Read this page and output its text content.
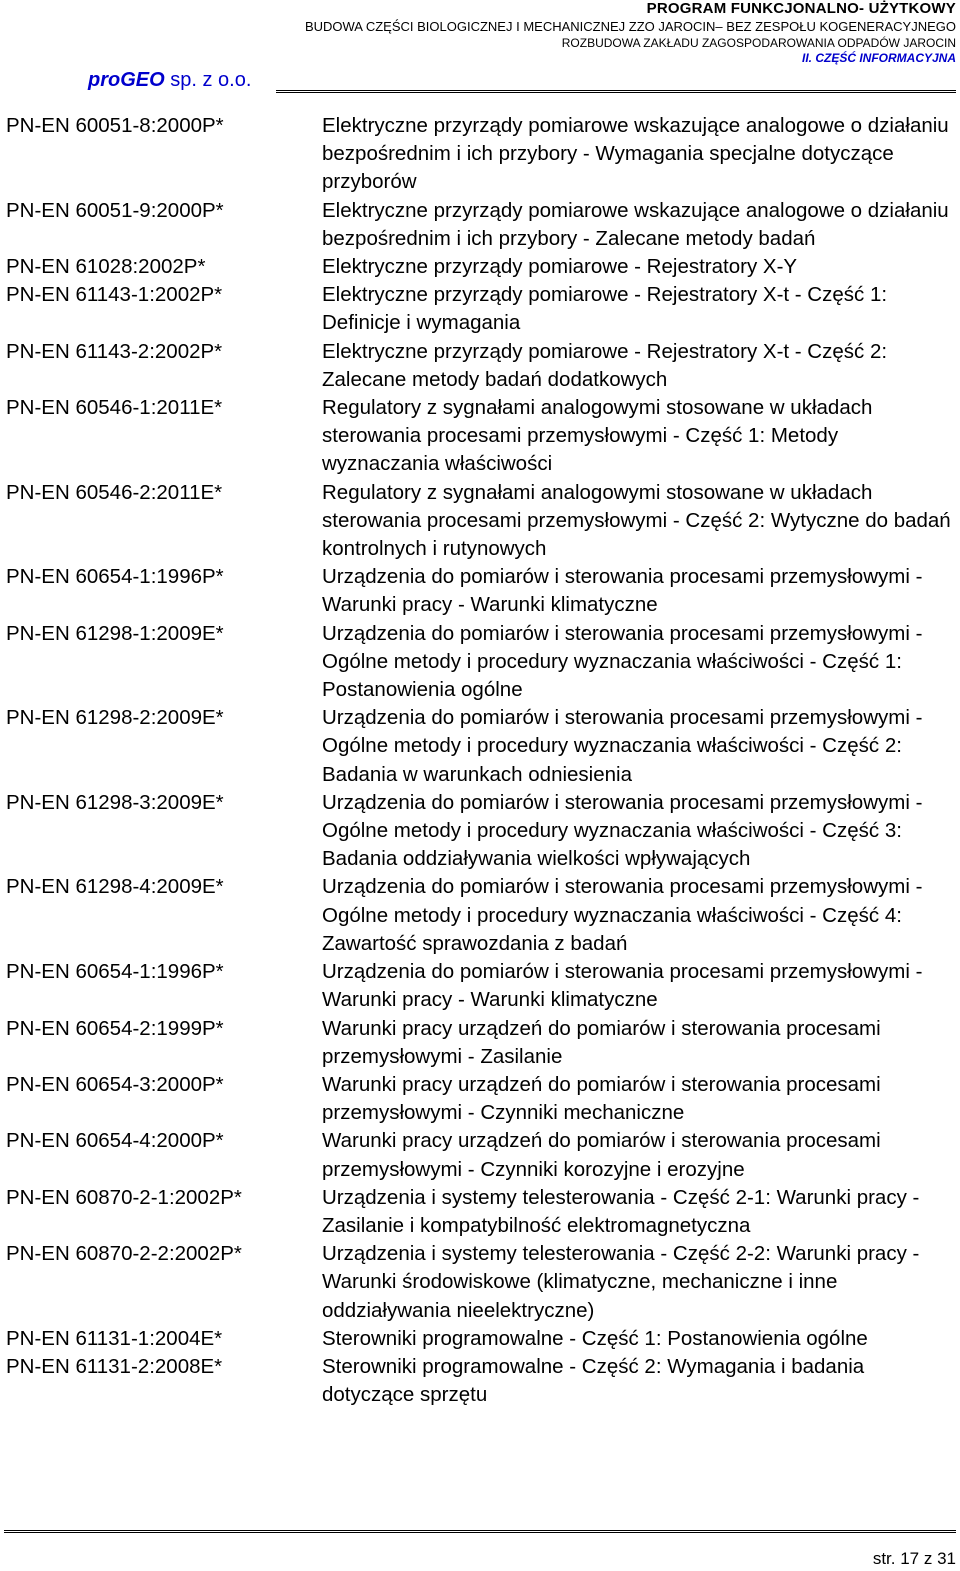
PROGRAM FUNKCJONALNO- UŻYTKOWY
BUDOWA CZĘŚCI BIOLOGICZNEJ I MECHANICZNEJ ZZO JAROCIN– BEZ ZESPOŁU KOGENERACYJNEGO
ROZBUDOWA ZAKŁADU ZAGOSPODAROWANIA ODPADÓW JAROCIN
II. CZĘŚĆ INFORMACYJNA
proGEO sp. z o.o.
PN-EN 60051-8:2000P*	Elektryczne przyrządy pomiarowe wskazujące analogowe o działaniu bezpośrednim i ich przybory - Wymagania specjalne dotyczące przyborów
PN-EN 60051-9:2000P*	Elektryczne przyrządy pomiarowe wskazujące analogowe o działaniu bezpośrednim i ich przybory - Zalecane metody badań
PN-EN 61028:2002P*	Elektryczne przyrządy pomiarowe - Rejestratory X-Y
PN-EN 61143-1:2002P*	Elektryczne przyrządy pomiarowe - Rejestratory X-t - Część 1: Definicje i wymagania
PN-EN 61143-2:2002P*	Elektryczne przyrządy pomiarowe - Rejestratory X-t - Część 2: Zalecane metody badań dodatkowych
PN-EN 60546-1:2011E*	Regulatory z sygnałami analogowymi stosowane w układach sterowania procesami przemysłowymi - Część 1: Metody wyznaczania właściwości
PN-EN 60546-2:2011E*	Regulatory z sygnałami analogowymi stosowane w układach sterowania procesami przemysłowymi - Część 2: Wytyczne do badań kontrolnych i rutynowych
PN-EN 60654-1:1996P*	Urządzenia do pomiarów i sterowania procesami przemysłowymi - Warunki pracy - Warunki klimatyczne
PN-EN 61298-1:2009E*	Urządzenia do pomiarów i sterowania procesami przemysłowymi - Ogólne metody i procedury wyznaczania właściwości - Część 1: Postanowienia ogólne
PN-EN 61298-2:2009E*	Urządzenia do pomiarów i sterowania procesami przemysłowymi - Ogólne metody i procedury wyznaczania właściwości - Część 2: Badania w warunkach odniesienia
PN-EN 61298-3:2009E*	Urządzenia do pomiarów i sterowania procesami przemysłowymi - Ogólne metody i procedury wyznaczania właściwości - Część 3: Badania oddziaływania wielkości wpływających
PN-EN 61298-4:2009E*	Urządzenia do pomiarów i sterowania procesami przemysłowymi - Ogólne metody i procedury wyznaczania właściwości - Część 4: Zawartość sprawozdania z badań
PN-EN 60654-1:1996P*	Urządzenia do pomiarów i sterowania procesami przemysłowymi - Warunki pracy - Warunki klimatyczne
PN-EN 60654-2:1999P*	Warunki pracy urządzeń do pomiarów i sterowania procesami przemysłowymi - Zasilanie
PN-EN 60654-3:2000P*	Warunki pracy urządzeń do pomiarów i sterowania procesami przemysłowymi - Czynniki mechaniczne
PN-EN 60654-4:2000P*	Warunki pracy urządzeń do pomiarów i sterowania procesami przemysłowymi - Czynniki korozyjne i erozyjne
PN-EN 60870-2-1:2002P*	Urządzenia i systemy telesterowania - Część 2-1: Warunki pracy - Zasilanie i kompatybilność elektromagnetyczna
PN-EN 60870-2-2:2002P*	Urządzenia i systemy telesterowania - Część 2-2: Warunki pracy - Warunki środowiskowe (klimatyczne, mechaniczne i inne oddziaływania nieelektryczne)
PN-EN 61131-1:2004E*	Sterowniki programowalne - Część 1: Postanowienia ogólne
PN-EN 61131-2:2008E*	Sterowniki programowalne - Część 2: Wymagania i badania dotyczące sprzętu
str. 17 z 31
